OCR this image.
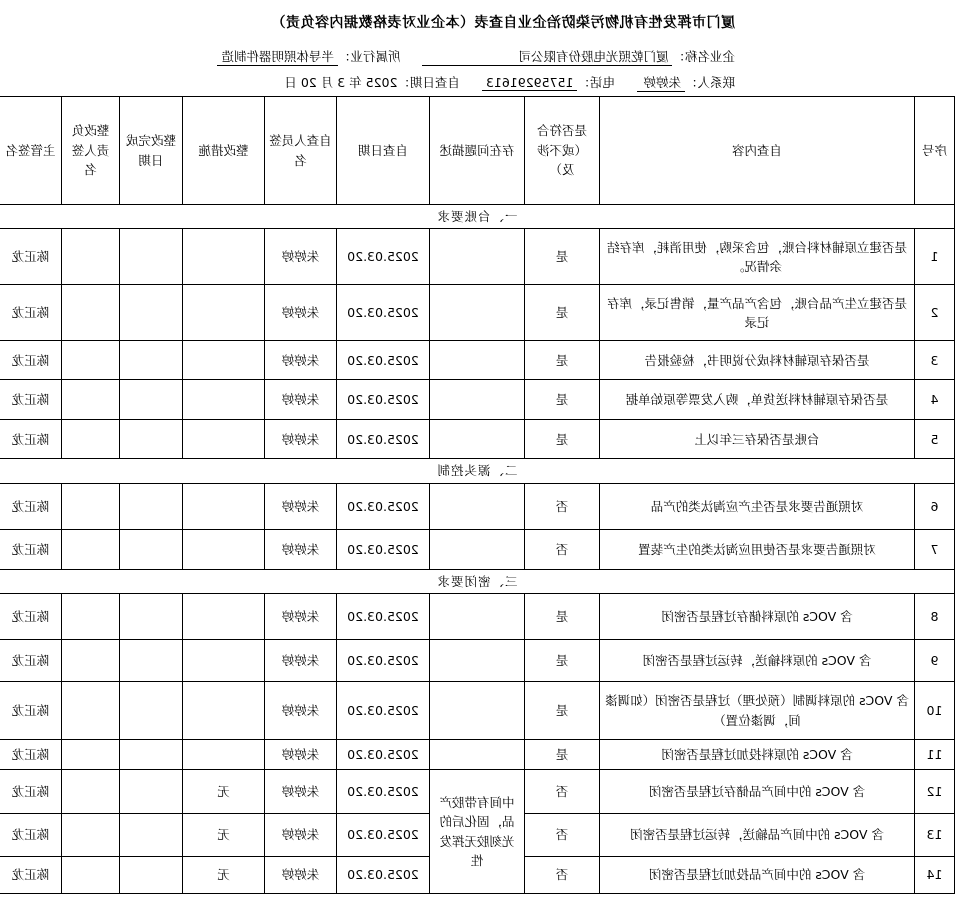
厦门市挥发性有机物污染防治企业自查表（本企业对表格数据内容负责）
企业名称：厦门乾照光电股份有限公司所属行业：半导体照明器件制造
联系人：朱婷婷电话：15759291613自查日期：2025 年 3 月 20 日
序号	自查内容	是否符合（或不涉及）	存在问题描述	自查日期	自查人员签名	整改措施	整改完成日期	整改负责人签名	主管签名
一、台账要求									
1	是否建立原辅材料台账，包含采购，使用消耗，库存结余情况。	是		2025.03.20	朱婷婷				陈正龙
2	是否建立生产品台账，包含产品产量，销售记录，库存记录	是		2025.03.20	朱婷婷				陈正龙
3	是否保存原辅材料成分说明书，检验报告	是		2025.03.20	朱婷婷				陈正龙
4	是否保存原辅材料送货单，购入发票等原始单据	是		2025.03.20	朱婷婷				陈正龙
5	台账是否保存三年以上	是		2025.03.20	朱婷婷				陈正龙
二、源头控制									
6	对照通告要求是否生产应淘汰类的产品	否		2025.03.20	朱婷婷				陈正龙
7	对照通告要求是否使用应淘汰类的生产装置	否		2025.03.20	朱婷婷				陈正龙
三、密闭要求									
8	含 VOCs 的原料储存过程是否密闭	是		2025.03.20	朱婷婷				陈正龙
9	含 VOCs 的原料输送，转运过程是否密闭	是		2025.03.20	朱婷婷				陈正龙
10	含 VOCs 的原料调制（预处理）过程是否密闭（如调漆间，调漆位置）	是		2025.03.20	朱婷婷				陈正龙
11	含 VOCs 的原料投加过程是否密闭	是		2025.03.20	朱婷婷				陈正龙
12	含 VOCs 的中间产品储存过程是否密闭	否	中间有带胶产品，固化后的光刻胶无挥发性	2025.03.20	朱婷婷	无			陈正龙
13	含 VOCs 的中间产品输送，转运过程是否密闭	否		2025.03.20	朱婷婷	无			陈正龙
14	含 VOCs 的中间产品投加过程是否密闭	否		2025.03.20	朱婷婷	无			陈正龙
